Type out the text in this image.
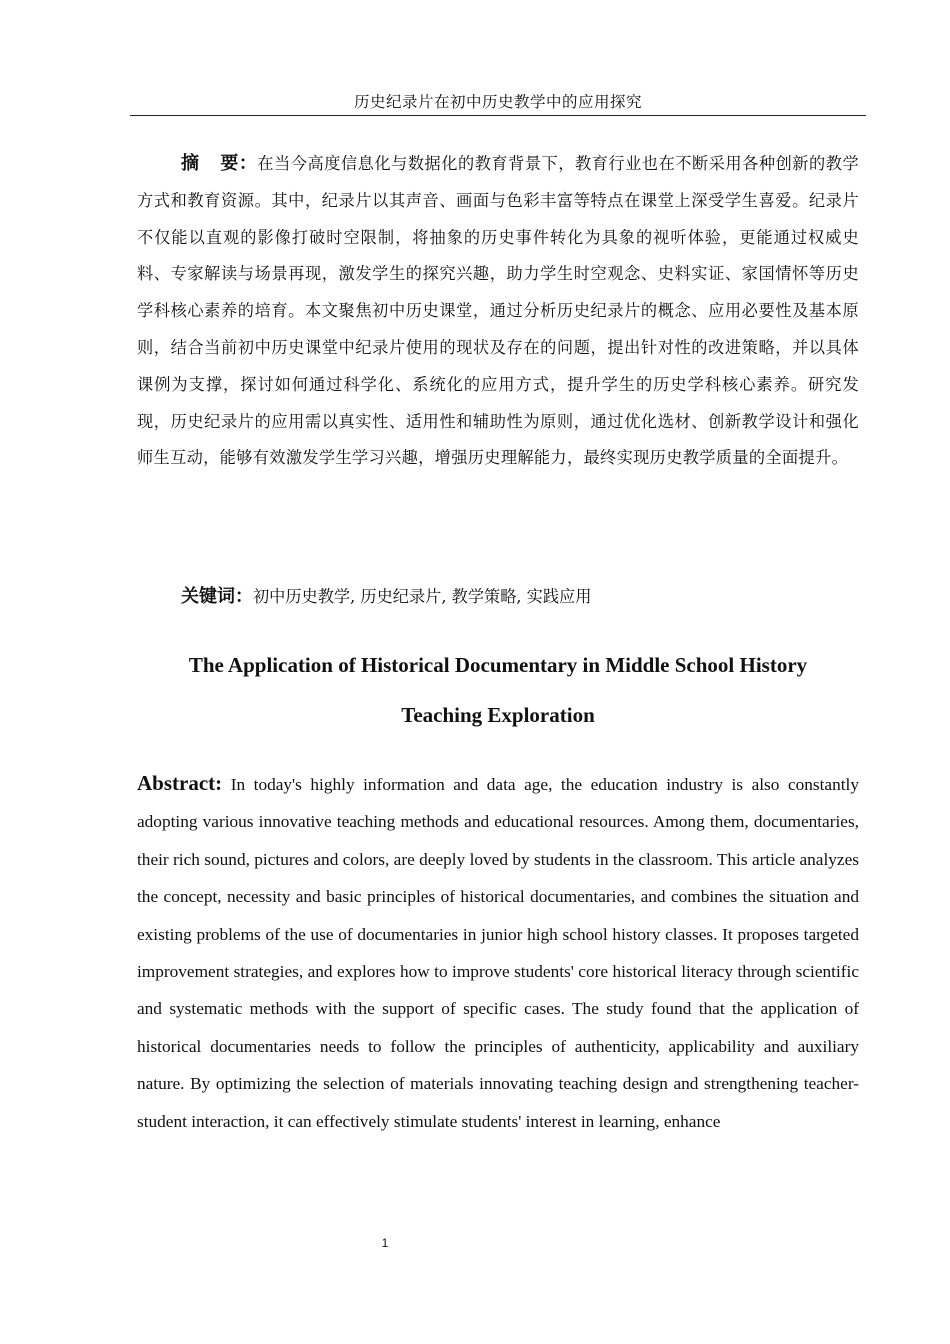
历史纪录片在初中历史教学中的应用探究
摘 要：在当今高度信息化与数据化的教育背景下，教育行业也在不断采用各种创新的教学方式和教育资源。其中，纪录片以其声音、画面与色彩丰富等特点在课堂上深受学生喜爱。纪录片不仅能以直观的影像打破时空限制，将抽象的历史事件转化为具象的视听体验，更能通过权威史料、专家解读与场景再现，激发学生的探究兴趣，助力学生时空观念、史料实证、家国情怀等历史学科核心素养的培育。本文聚焦初中历史课堂，通过分析历史纪录片的概念、应用必要性及基本原则，结合当前初中历史课堂中纪录片使用的现状及存在的问题，提出针对性的改进策略，并以具体课例为支撑，探讨如何通过科学化、系统化的应用方式，提升学生的历史学科核心素养。研究发现，历史纪录片的应用需以真实性、适用性和辅助性为原则，通过优化选材、创新教学设计和强化师生互动，能够有效激发学生学习兴趣，增强历史理解能力，最终实现历史教学质量的全面提升。
关键词：初中历史教学, 历史纪录片, 教学策略, 实践应用
The Application of Historical Documentary in Middle School History
Teaching Exploration
Abstract: In today's highly information and data age, the education industry is also constantly adopting various innovative teaching methods and educational resources. Among them, documentaries, their rich sound, pictures and colors, are deeply loved by students in the classroom. This article analyzes the concept, necessity and basic principles of historical documentaries, and combines the situation and existing problems of the use of documentaries in junior high school history classes. It proposes targeted improvement strategies, and explores how to improve students' core historical literacy through scientific and systematic methods with the support of specific cases. The study found that the application of historical documentaries needs to follow the principles of authenticity, applicability and auxiliary nature. By optimizing the selection of materials innovating teaching design and strengthening teacher-student interaction, it can effectively stimulate students' interest in learning, enhance
1
